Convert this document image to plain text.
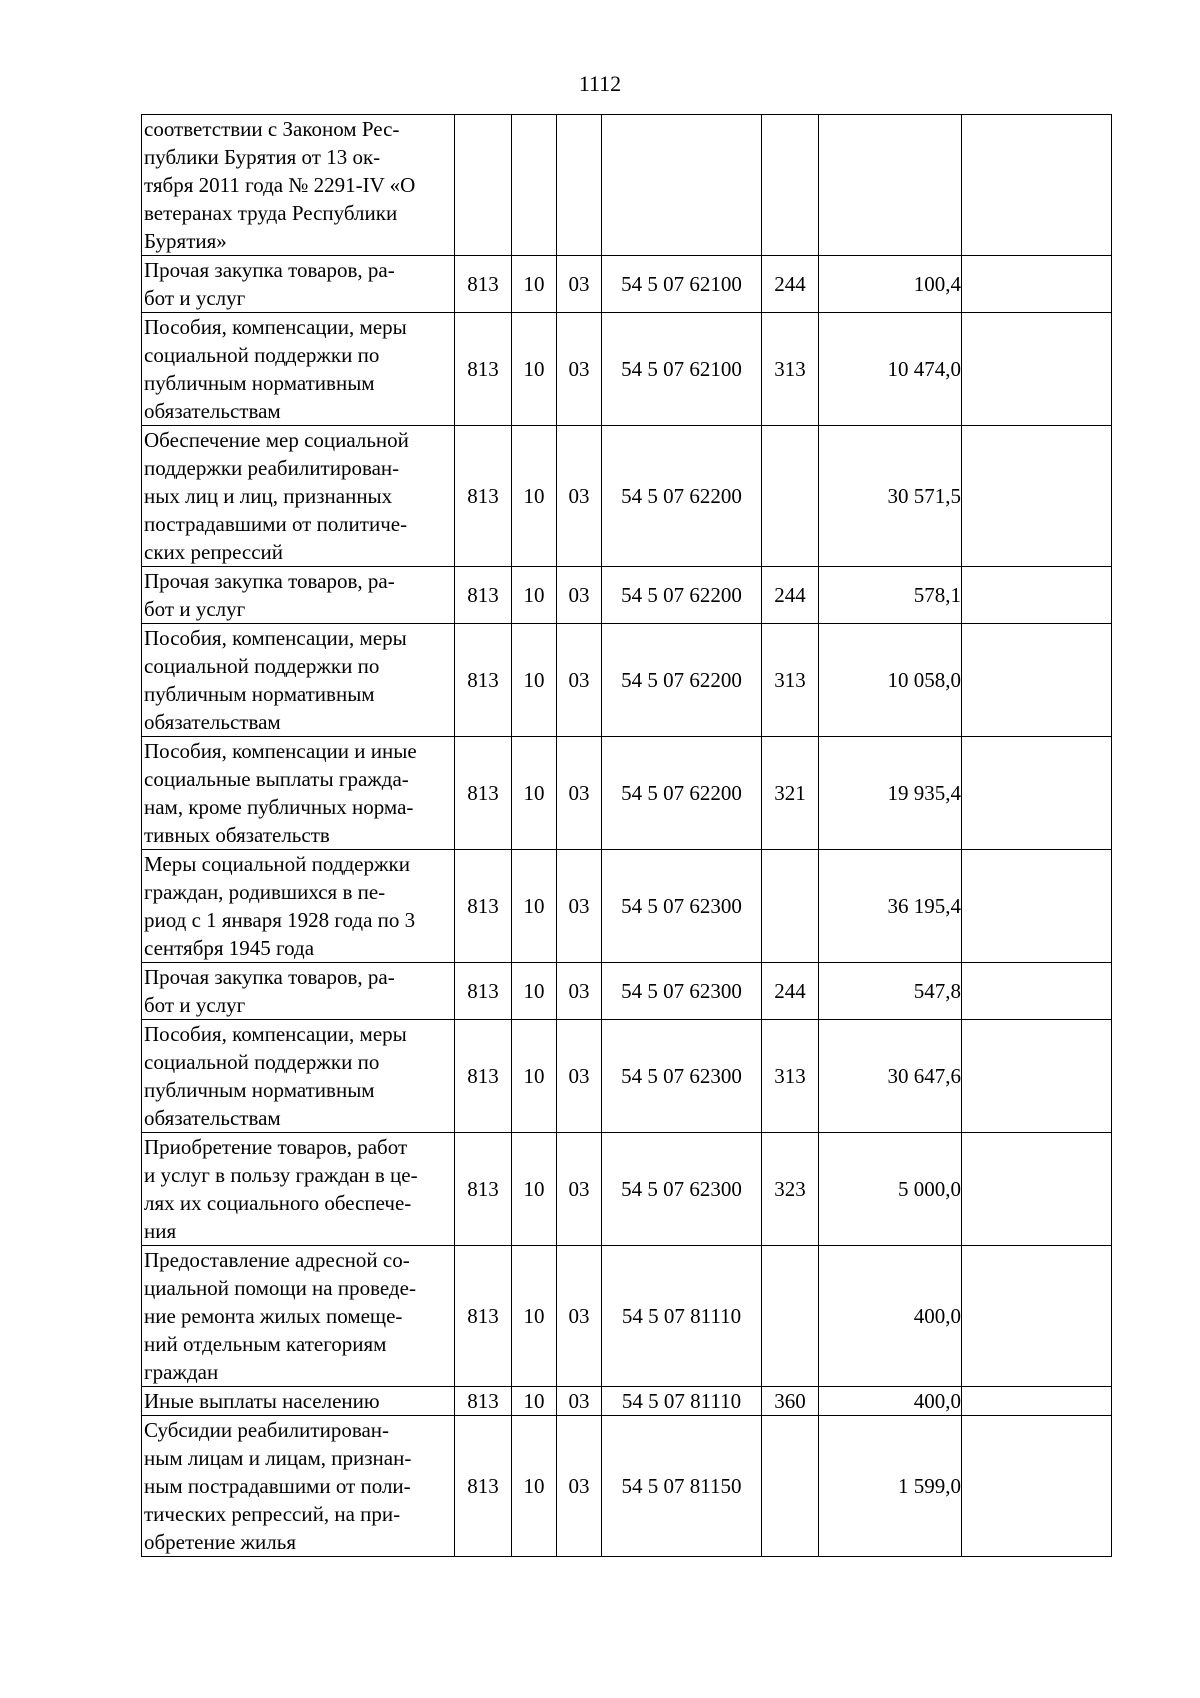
1112
соответствии с Законом Рес-
публики Бурятия от 13 ок-
тября 2011 года № 2291-IV «О
ветеранах труда Республики
Бурятия»							
Прочая закупка товаров, ра-
бот и услуг	813	10	03	54 5 07 62100	244	100,4	
Пособия, компенсации, меры
социальной поддержки по
публичным нормативным
обязательствам	813	10	03	54 5 07 62100	313	10 474,0	
Обеспечение мер социальной
поддержки реабилитирован-
ных лиц и лиц, признанных
пострадавшими от политиче-
ских репрессий	813	10	03	54 5 07 62200		30 571,5	
Прочая закупка товаров, ра-
бот и услуг	813	10	03	54 5 07 62200	244	578,1	
Пособия, компенсации, меры
социальной поддержки по
публичным нормативным
обязательствам	813	10	03	54 5 07 62200	313	10 058,0	
Пособия, компенсации и иные
социальные выплаты гражда-
нам, кроме публичных норма-
тивных обязательств	813	10	03	54 5 07 62200	321	19 935,4	
Меры социальной поддержки
граждан, родившихся в пе-
риод с 1 января 1928 года по 3
сентября 1945 года	813	10	03	54 5 07 62300		36 195,4	
Прочая закупка товаров, ра-
бот и услуг	813	10	03	54 5 07 62300	244	547,8	
Пособия, компенсации, меры
социальной поддержки по
публичным нормативным
обязательствам	813	10	03	54 5 07 62300	313	30 647,6	
Приобретение товаров, работ
и услуг в пользу граждан в це-
лях их социального обеспече-
ния	813	10	03	54 5 07 62300	323	5 000,0	
Предоставление адресной со-
циальной помощи на проведе-
ние ремонта жилых помеще-
ний отдельным категориям
граждан	813	10	03	54 5 07 81110		400,0	
Иные выплаты населению	813	10	03	54 5 07 81110	360	400,0	
Субсидии реабилитирован-
ным лицам и лицам, признан-
ным пострадавшими от поли-
тических репрессий, на при-
обретение жилья	813	10	03	54 5 07 81150		1 599,0	
